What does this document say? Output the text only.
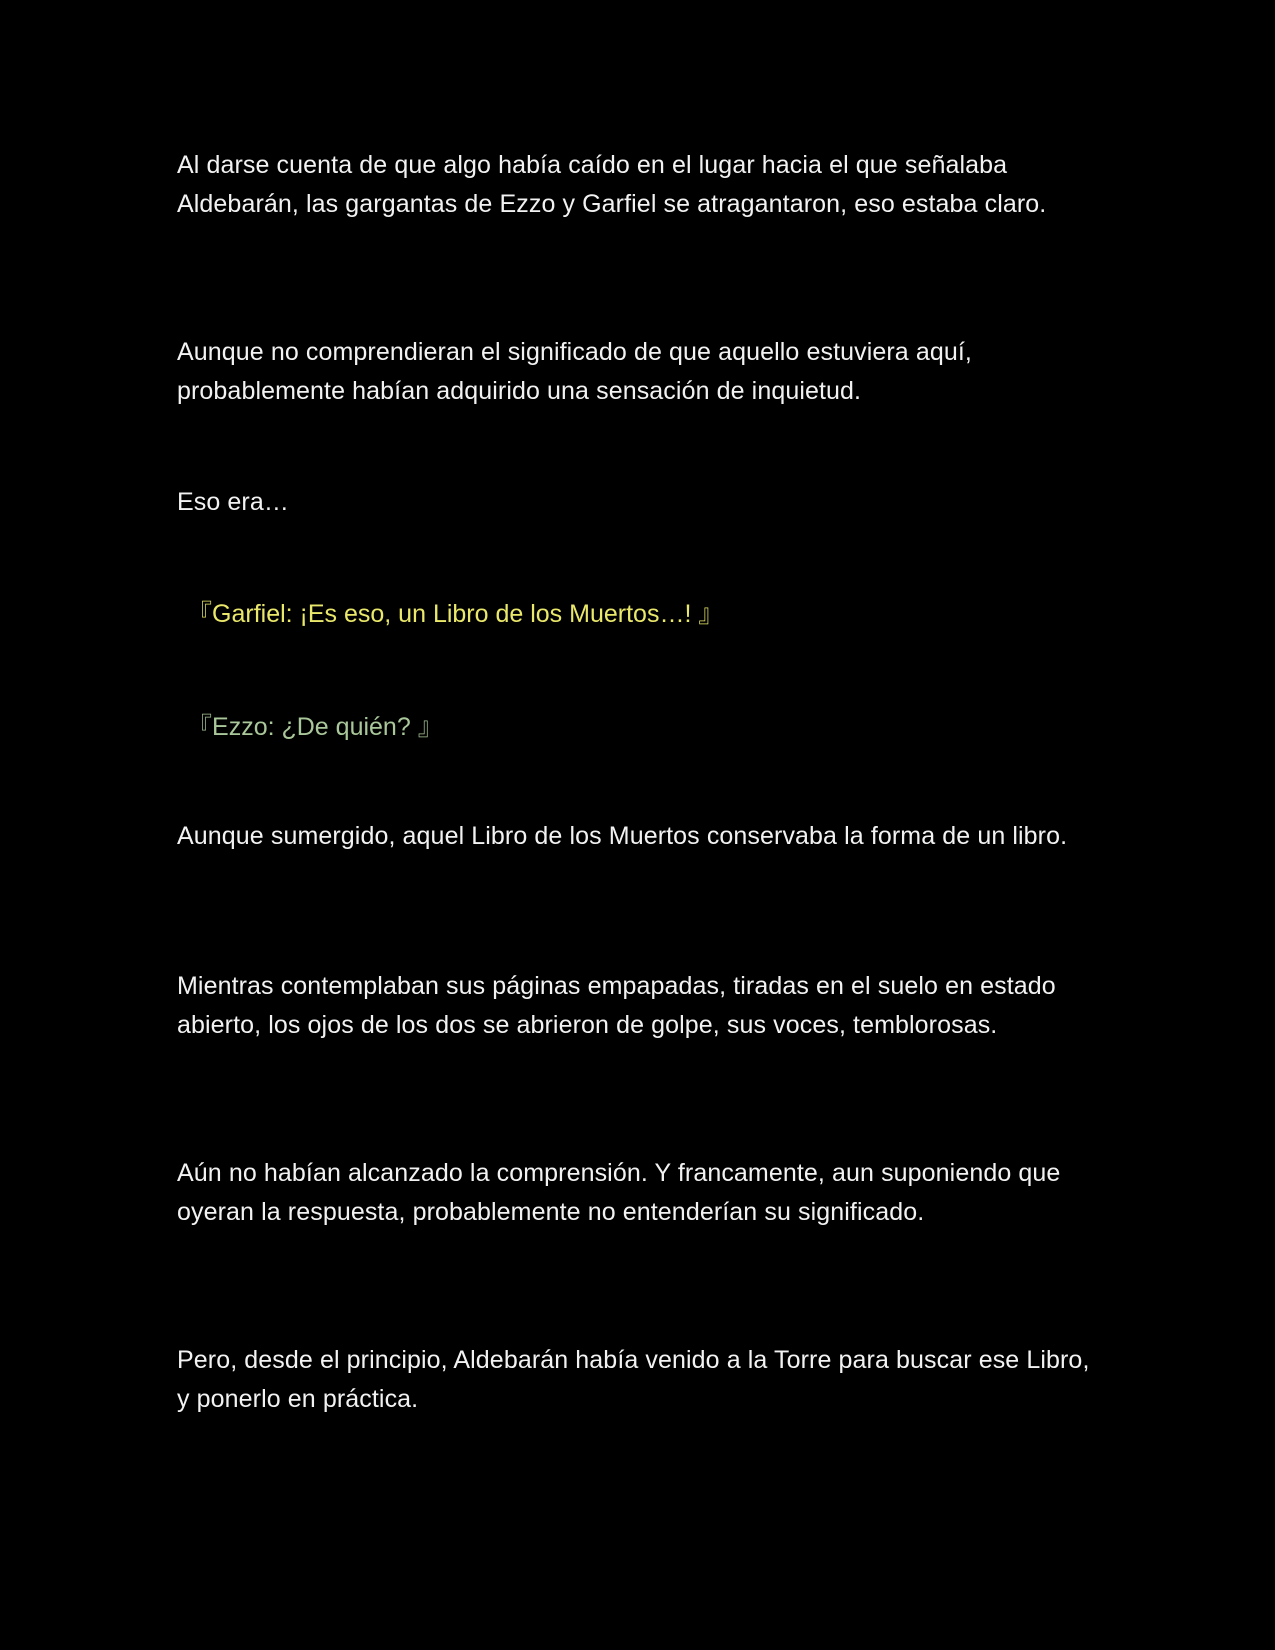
Al darse cuenta de que algo había caído en el lugar hacia el que señalaba Aldebarán, las gargantas de Ezzo y Garfiel se atragantaron, eso estaba claro.

Aunque no comprendieran el significado de que aquello estuviera aquí, probablemente habían adquirido una sensación de inquietud.

Eso era…

『Garfiel: ¡Es eso, un Libro de los Muertos…! 』

『Ezzo: ¿De quién? 』

Aunque sumergido, aquel Libro de los Muertos conservaba la forma de un libro.

Mientras contemplaban sus páginas empapadas, tiradas en el suelo en estado abierto, los ojos de los dos se abrieron de golpe, sus voces, temblorosas.

Aún no habían alcanzado la comprensión. Y francamente, aun suponiendo que oyeran la respuesta, probablemente no entenderían su significado.

Pero, desde el principio, Aldebarán había venido a la Torre para buscar ese Libro, y ponerlo en práctica.
